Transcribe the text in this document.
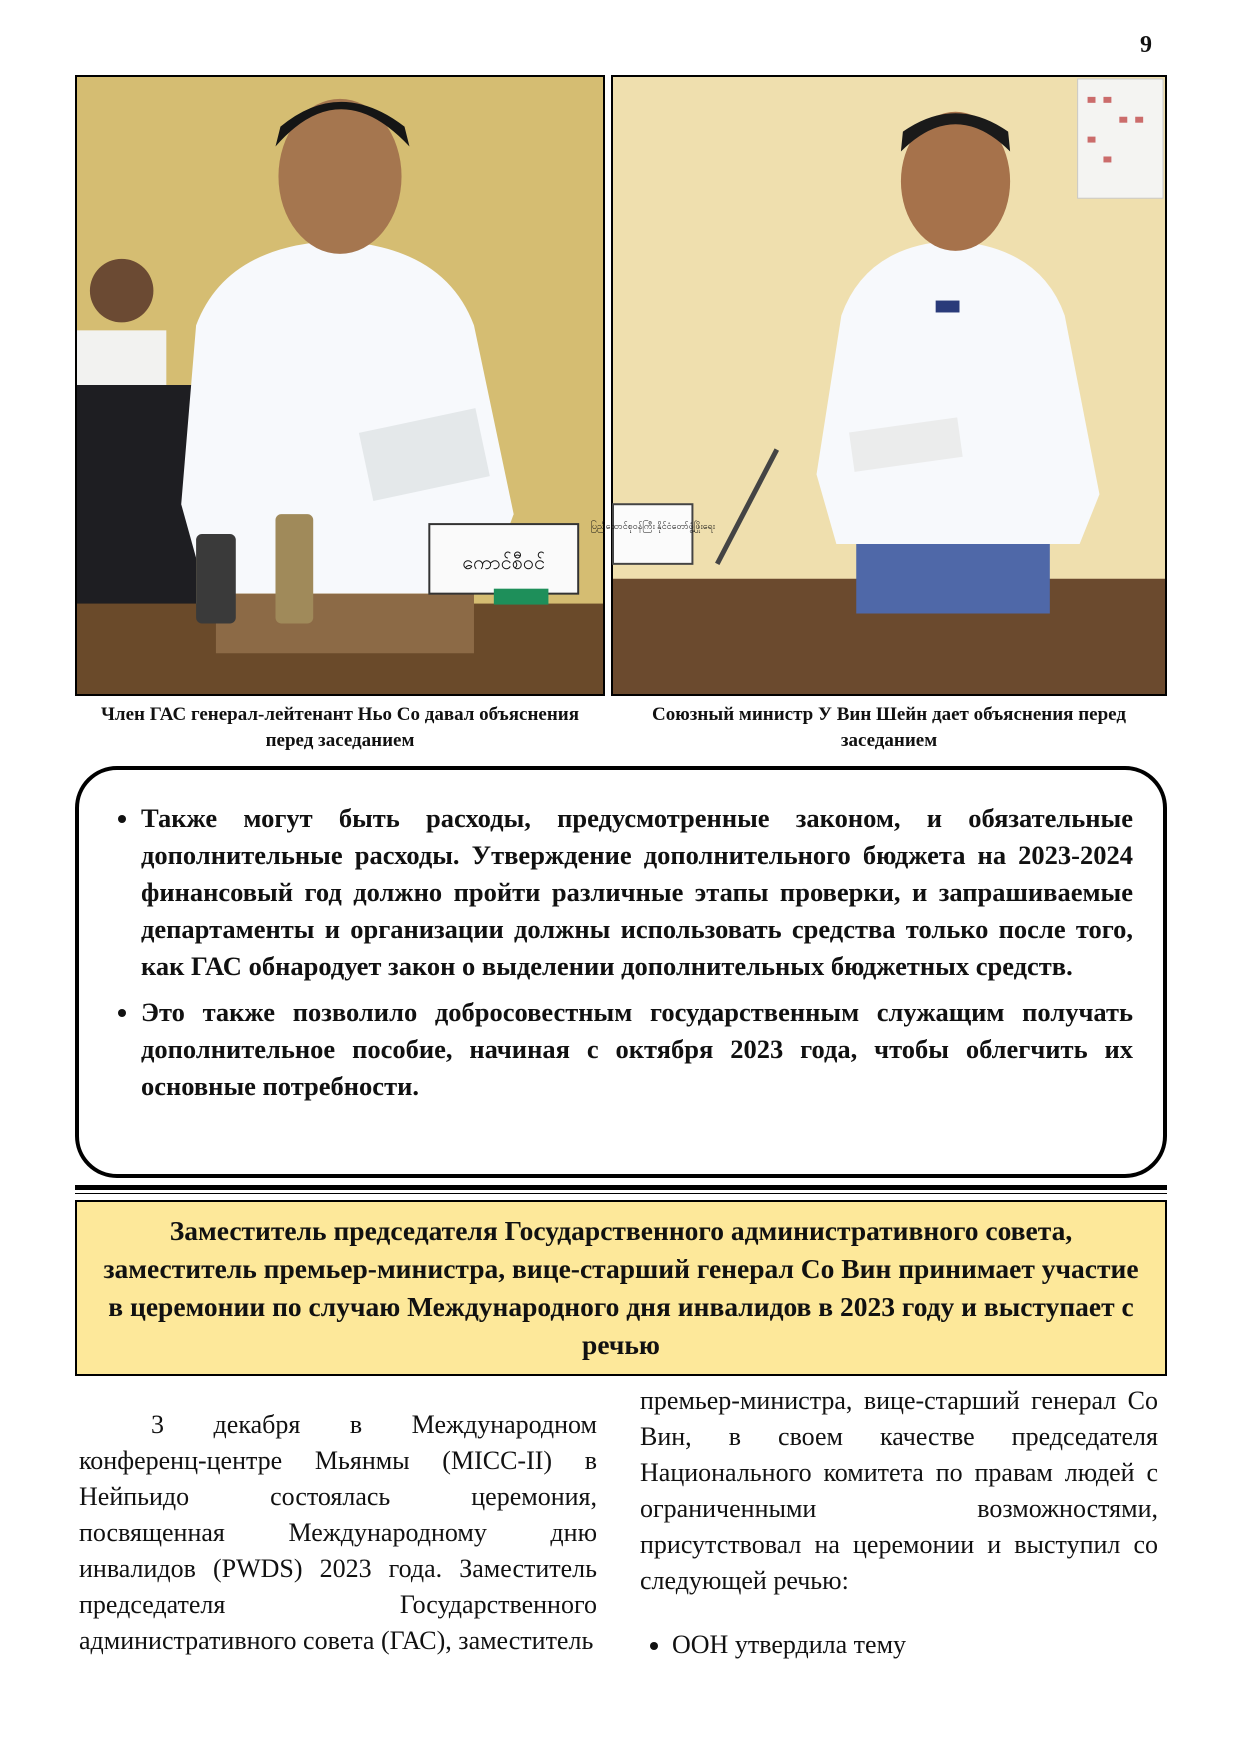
9
ကောင်စီဝင်
ပြည်ထောင်စုဝန်ကြီး နိုင်ငံတော်ဖွံ့ဖြိုးရေး
Член ГАС генерал-лейтенант Ньо Со давал объяснения перед заседанием
Союзный министр У Вин Шейн дает объяснения перед заседанием
• Также могут быть расходы, предусмотренные законом, и обязательные дополнительные расходы. Утверждение дополнительного бюджета на 2023-2024 финансовый год должно пройти различные этапы проверки, и запрашиваемые департаменты и организации должны использовать средства только после того, как ГАС обнародует закон о выделении дополнительных бюджетных средств.
• Это также позволило добросовестным государственным служащим получать дополнительное пособие, начиная с октября 2023 года, чтобы облегчить их основные потребности.
Заместитель председателя Государственного административного совета, заместитель премьер-министра, вице-старший генерал Со Вин принимает участие в церемонии по случаю Международного дня инвалидов в 2023 году и выступает с речью

3 декабря в Международном конференц-центре Мьянмы (MICC-II) в Нейпьидо состоялась церемония, посвященная Международному дню инвалидов (PWDS) 2023 года. Заместитель председателя Государственного административного совета (ГАС), заместитель

премьер-министра, вице-старший генерал Со Вин, в своем качестве председателя Национального комитета по правам людей с ограниченными возможностями, присутствовал на церемонии и выступил со следующей речью:

• ООН утвердила тему
